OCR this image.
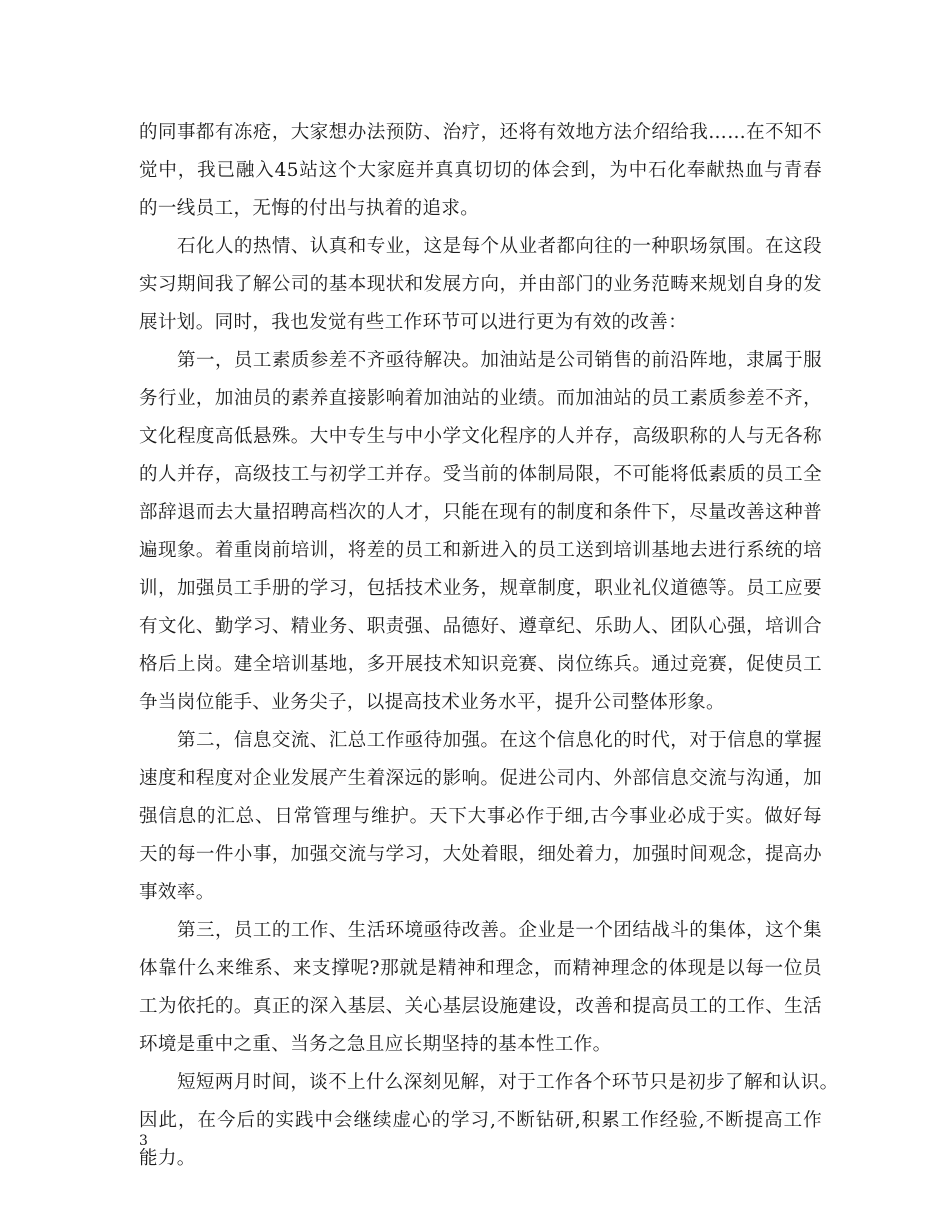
的同事都有冻疮，大家想办法预防、治疗，还将有效地方法介绍给我……在不知不
觉中，我已融入45站这个大家庭并真真切切的体会到，为中石化奉献热血与青春
的一线员工，无悔的付出与执着的追求。
石化人的热情、认真和专业，这是每个从业者都向往的一种职场氛围。在这段
实习期间我了解公司的基本现状和发展方向，并由部门的业务范畴来规划自身的发
展计划。同时，我也发觉有些工作环节可以进行更为有效的改善：
第一，员工素质参差不齐亟待解决。加油站是公司销售的前沿阵地，隶属于服
务行业，加油员的素养直接影响着加油站的业绩。而加油站的员工素质参差不齐，
文化程度高低悬殊。大中专生与中小学文化程序的人并存，高级职称的人与无各称
的人并存，高级技工与初学工并存。受当前的体制局限，不可能将低素质的员工全
部辞退而去大量招聘高档次的人才，只能在现有的制度和条件下，尽量改善这种普
遍现象。着重岗前培训，将差的员工和新进入的员工送到培训基地去进行系统的培
训，加强员工手册的学习，包括技术业务，规章制度，职业礼仪道德等。员工应要
有文化、勤学习、精业务、职责强、品德好、遵章纪、乐助人、团队心强，培训合
格后上岗。建全培训基地，多开展技术知识竞赛、岗位练兵。通过竞赛，促使员工
争当岗位能手、业务尖子，以提高技术业务水平，提升公司整体形象。
第二，信息交流、汇总工作亟待加强。在这个信息化的时代，对于信息的掌握
速度和程度对企业发展产生着深远的影响。促进公司内、外部信息交流与沟通，加
强信息的汇总、日常管理与维护。天下大事必作于细,古今事业必成于实。做好每
天的每一件小事，加强交流与学习，大处着眼，细处着力，加强时间观念，提高办
事效率。
第三，员工的工作、生活环境亟待改善。企业是一个团结战斗的集体，这个集
体靠什么来维系、来支撑呢?那就是精神和理念，而精神理念的体现是以每一位员
工为依托的。真正的深入基层、关心基层设施建设，改善和提高员工的工作、生活
环境是重中之重、当务之急且应长期坚持的基本性工作。
短短两月时间，谈不上什么深刻见解，对于工作各个环节只是初步了解和认识。
因此，在今后的实践中会继续虚心的学习,不断钻研,积累工作经验,不断提高工作
能力。
3
